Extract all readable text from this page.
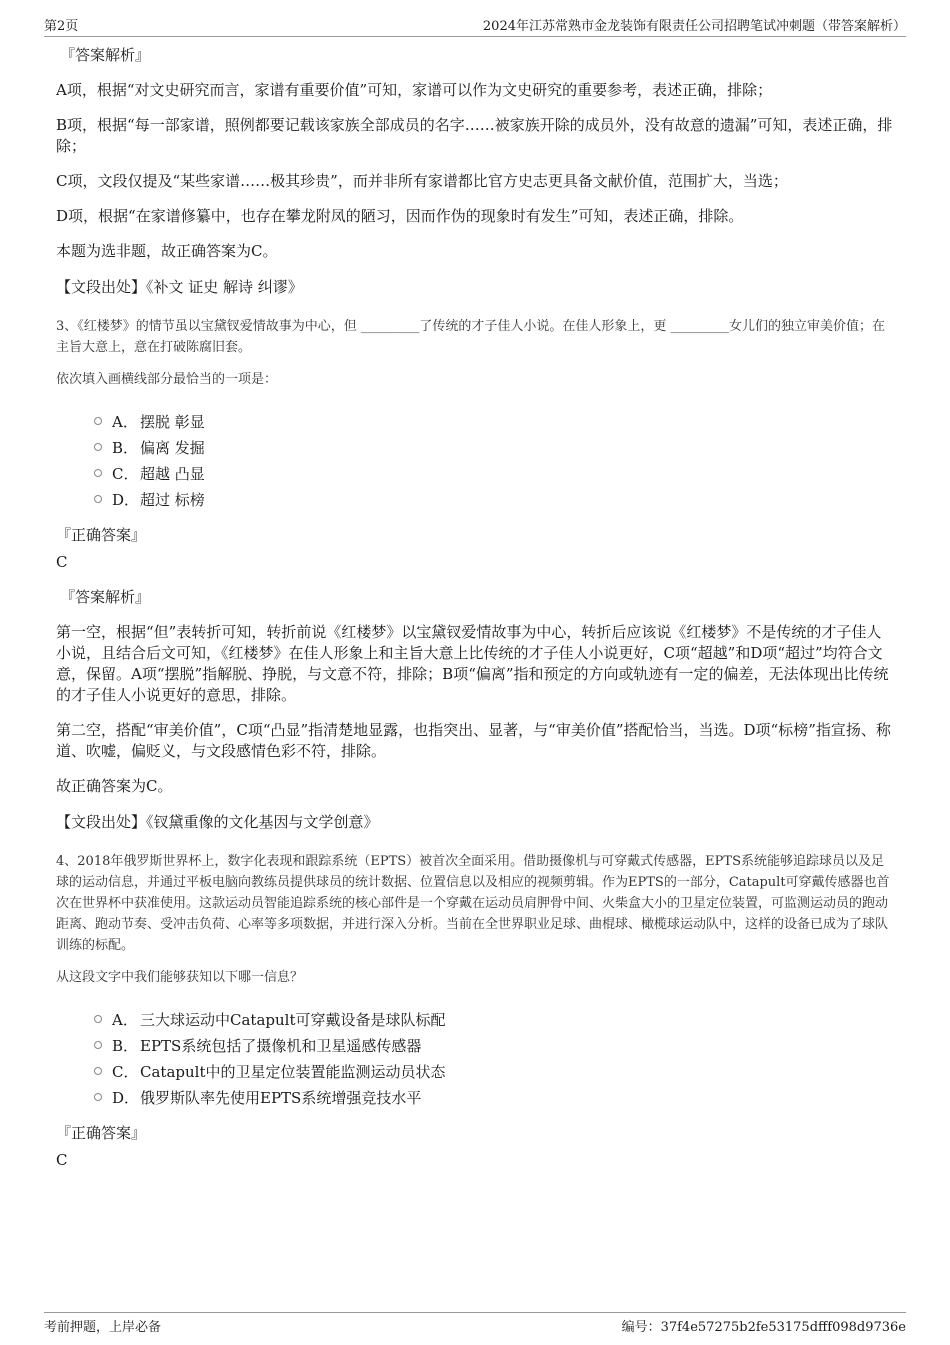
第2页	2024年江苏常熟市金龙装饰有限责任公司招聘笔试冲刺题（带答案解析）
『答案解析』

A项，根据“对文史研究而言，家谱有重要价值”可知，家谱可以作为文史研究的重要参考，表述正确，排除；

B项，根据“每一部家谱，照例都要记载该家族全部成员的名字……被家族开除的成员外，没有故意的遗漏”可知，表述正确，排除；

C项，文段仅提及“某些家谱……极其珍贵”，而并非所有家谱都比官方史志更具备文献价值，范围扩大，当选；

D项，根据“在家谱修纂中，也存在攀龙附凤的陋习，因而作伪的现象时有发生”可知，表述正确，排除。

本题为选非题，故正确答案为C。

【文段出处】《补文 证史 解诗 纠谬》

3、《红楼梦》的情节虽以宝黛钗爱情故事为中心，但 _________了传统的才子佳人小说。在佳人形象上，更 _________女儿们的独立审美价值；在主旨大意上，意在打破陈腐旧套。

依次填入画横线部分最恰当的一项是：

A． 摆脱 彰显
B． 偏离 发掘
C． 超越 凸显
D． 超过 标榜
『正确答案』
C
『答案解析』

第一空，根据“但”表转折可知，转折前说《红楼梦》以宝黛钗爱情故事为中心，转折后应该说《红楼梦》不是传统的才子佳人小说，且结合后文可知，《红楼梦》在佳人形象上和主旨大意上比传统的才子佳人小说更好，C项“超越”和D项“超过”均符合文意，保留。A项“摆脱”指解脱、挣脱，与文意不符，排除；B项“偏离”指和预定的方向或轨迹有一定的偏差，无法体现出比传统的才子佳人小说更好的意思，排除。

第二空，搭配“审美价值”，C项“凸显”指清楚地显露，也指突出、显著，与“审美价值”搭配恰当，当选。D项“标榜”指宣扬、称道、吹嘘，偏贬义，与文段感情色彩不符，排除。

故正确答案为C。

【文段出处】《钗黛重像的文化基因与文学创意》

4、2018年俄罗斯世界杯上，数字化表现和跟踪系统（EPTS）被首次全面采用。借助摄像机与可穿戴式传感器，EPTS系统能够追踪球员以及足球的运动信息，并通过平板电脑向教练员提供球员的统计数据、位置信息以及相应的视频剪辑。作为EPTS的一部分，Catapult可穿戴传感器也首次在世界杯中获准使用。这款运动员智能追踪系统的核心部件是一个穿戴在运动员肩胛骨中间、火柴盒大小的卫星定位装置，可监测运动员的跑动距离、跑动节奏、受冲击负荷、心率等多项数据，并进行深入分析。当前在全世界职业足球、曲棍球、橄榄球运动队中，这样的设备已成为了球队训练的标配。

从这段文字中我们能够获知以下哪一信息？

A． 三大球运动中Catapult可穿戴设备是球队标配
B． EPTS系统包括了摄像机和卫星遥感传感器
C． Catapult中的卫星定位装置能监测运动员状态
D． 俄罗斯队率先使用EPTS系统增强竞技水平
『正确答案』
C
考前押题，上岸必备	编号：37f4e57275b2fe53175dfff098d9736e
